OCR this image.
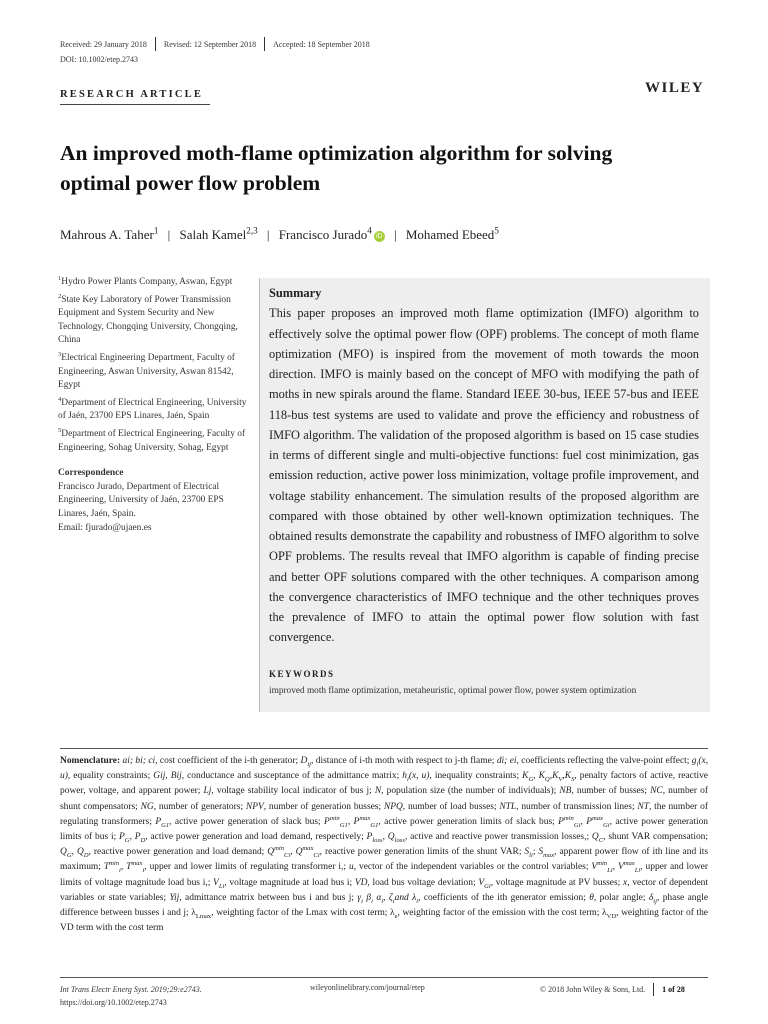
Received: 29 January 2018 Revised: 12 September 2018 Accepted: 18 September 2018
DOI: 10.1002/etep.2743
RESEARCH ARTICLE	WILEY
An improved moth-flame optimization algorithm for solving optimal power flow problem
Mahrous A. Taher$^1$ | Salah Kamel$^{2,3}$ | Francisco Jurado$^4$iD | Mohamed Ebeed$^5$

$^1$Hydro Power Plants Company, Aswan, Egypt

$^2$State Key Laboratory of Power Transmission Equipment and System Security and New Technology, Chongqing University, Chongqing, China

$^3$Electrical Engineering Department, Faculty of Engineering, Aswan University, Aswan 81542, Egypt

$^4$Department of Electrical Engineering, University of Jaén, 23700 EPS Linares, Jaén, Spain

$^5$Department of Electrical Engineering, Faculty of Engineering, Sohag University, Sohag, Egypt

Correspondence

Francisco Jurado, Department of Electrical Engineering, University of Jaén, 23700 EPS Linares, Jaén, Spain.
Email: fjurado@ujaen.es

Summary

This paper proposes an improved moth flame optimization (IMFO) algorithm to effectively solve the optimal power flow (OPF) problems. The concept of moth flame optimization (MFO) is inspired from the movement of moth towards the moon direction. IMFO is mainly based on the concept of MFO with modifying the path of moths in new spirals around the flame. Standard IEEE 30-bus, IEEE 57-bus and IEEE 118-bus test systems are used to validate and prove the efficiency and robustness of IMFO algorithm. The validation of the proposed algorithm is based on 15 case studies in terms of different single and multi-objective functions: fuel cost minimization, gas emission reduction, active power loss minimization, voltage profile improvement, and voltage stability enhancement. The simulation results of the proposed algorithm are compared with those obtained by other well-known optimization techniques. The obtained results demonstrate the capability and robustness of IMFO algorithm to solve OPF problems. The results reveal that IMFO algorithm is capable of finding precise and better OPF solutions compared with the other techniques. A comparison among the convergence characteristics of IMFO technique and the other techniques proves the prevalence of IMFO to attain the optimal power flow solution with fast convergence.

KEYWORDS
improved moth flame optimization, metaheuristic, optimal power flow, power system optimization

Nomenclature: ai; bi; ci, cost coefficient of the i-th generator; $D_{ij}$, distance of i-th moth with respect to j-th flame; di; ei, coefficients reflecting the valve-point effect; $g_i(x$, u), equality constraints; Gij, Bij, conductance and susceptance of the admittance matrix; $h_i(x$, u), inequality constraints; $K_G$, $K_Q,K_V,K_S$, penalty factors of active, reactive power, voltage, and apparent power; Lj, voltage stability local indicator of bus j; N, population size (the number of individuals); NB, number of busses; NC, number of shunt compensators; NG, number of generators; NPV, number of generation busses; NPQ, number of load busses; NTL, number of transmission lines; NT, the number of regulating transformers; $P_{G1}$, active power generation of slack bus; $P^{min}_{G1}$, $P^{max}_{G1}$, active power generation limits of slack bus; $P^{min}_{Gi}$, $P^{max}_{Gi}$, active power generation limits of bus i; $P_G$, $P_D$, active power generation and load demand, respectively; $P_{loss}$, $Q_{loss}$, active and reactive power transmission losses,; $Q_C$, shunt VAR compensation; $Q_G$, $Q_D$, reactive power generation and load demand; $Q^{min}_{Ci}$, $Q^{max}_{Ci}$, reactive power generation limits of the shunt VAR; $S_{li}$; $S_{max}$, apparent power flow of ith line and its maximum; $T^{min}_i$, $T^{max}_i$, upper and lower limits of regulating transformer i,; u, vector of the independent variables or the control variables; $V^{min}_{Li}$, $V^{max}_{Li}$, upper and lower limits of voltage magnitude load bus i,; $V_{Li}$, voltage magnitude at load bus i; VD, load bus voltage deviation; $V_{Gi}$, voltage magnitude at PV busses; x, vector of dependent variables or state variables; Yij, admittance matrix between bus i and bus j; $\gamma_i$ $\beta_i$ $\alpha_i$, $\zeta_iand$ $\lambda_i$, coefficients of the ith generator emission; θ, polar angle; $\delta_{ij}$, phase angle difference between busses i and j; $\lambda_{Lmax}$, weighting factor of the Lmax with cost term; $\lambda_e$, weighting factor of the emission with the cost term; $\lambda_{VD}$, weighting factor of the VD term with the cost term

Int Trans Electr Energ Syst. 2019;29:e2743.
https://doi.org/10.1002/etep.2743
wileyonlinelibrary.com/journal/etep	© 2018 John Wiley & Sons, Ltd. 1 of 28
